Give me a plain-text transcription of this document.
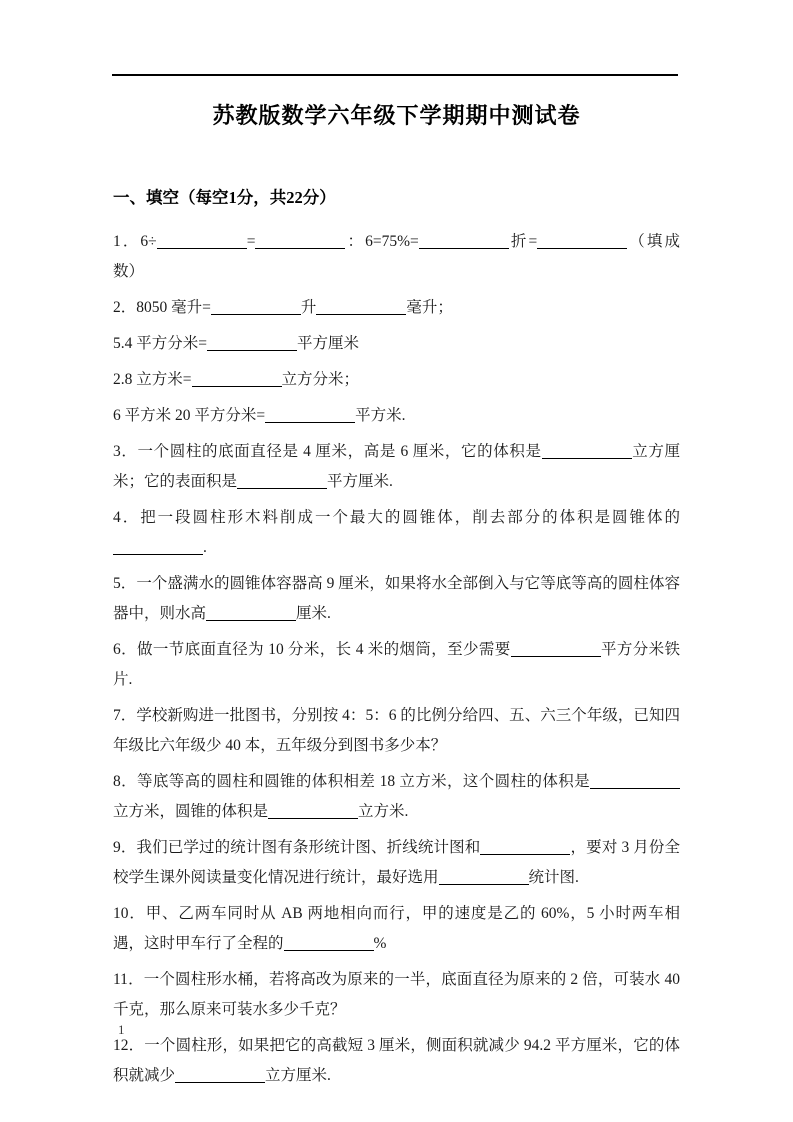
苏教版数学六年级下学期期中测试卷
一、填空（每空1分，共22分）

1．6÷	=	：6=75%=	折=	（填成数）

2．8050 毫升=	升	毫升；

5.4 平方分米=	平方厘米

2.8 立方米=	立方分米；

6 平方米 20 平方分米=	平方米.

3．一个圆柱的底面直径是 4 厘米，高是 6 厘米，它的体积是	立方厘米；它的表面积是	平方厘米.

4．把一段圆柱形木料削成一个最大的圆锥体，削去部分的体积是圆锥体的.

5．一个盛满水的圆锥体容器高 9 厘米，如果将水全部倒入与它等底等高的圆柱体容器中，则水高	厘米.

6．做一节底面直径为 10 分米，长 4 米的烟筒，至少需要	平方分米铁片.

7．学校新购进一批图书，分别按 4：5：6 的比例分给四、五、六三个年级，已知四年级比六年级少 40 本，五年级分到图书多少本？

8．等底等高的圆柱和圆锥的体积相差 18 立方米，这个圆柱的体积是立方米，圆锥的体积是	立方米.

9．我们已学过的统计图有条形统计图、折线统计图和	，要对 3 月份全校学生课外阅读量变化情况进行统计，最好选用	统计图.

10．甲、乙两车同时从 AB 两地相向而行，甲的速度是乙的 60%，5 小时两车相遇，这时甲车行了全程的	%

11．一个圆柱形水桶，若将高改为原来的一半，底面直径为原来的 2 倍，可装水 40 千克，那么原来可装水多少千克？

12．一个圆柱形，如果把它的高截短 3 厘米，侧面积就减少 94.2 平方厘米，它的体积就减少	立方厘米.

1
